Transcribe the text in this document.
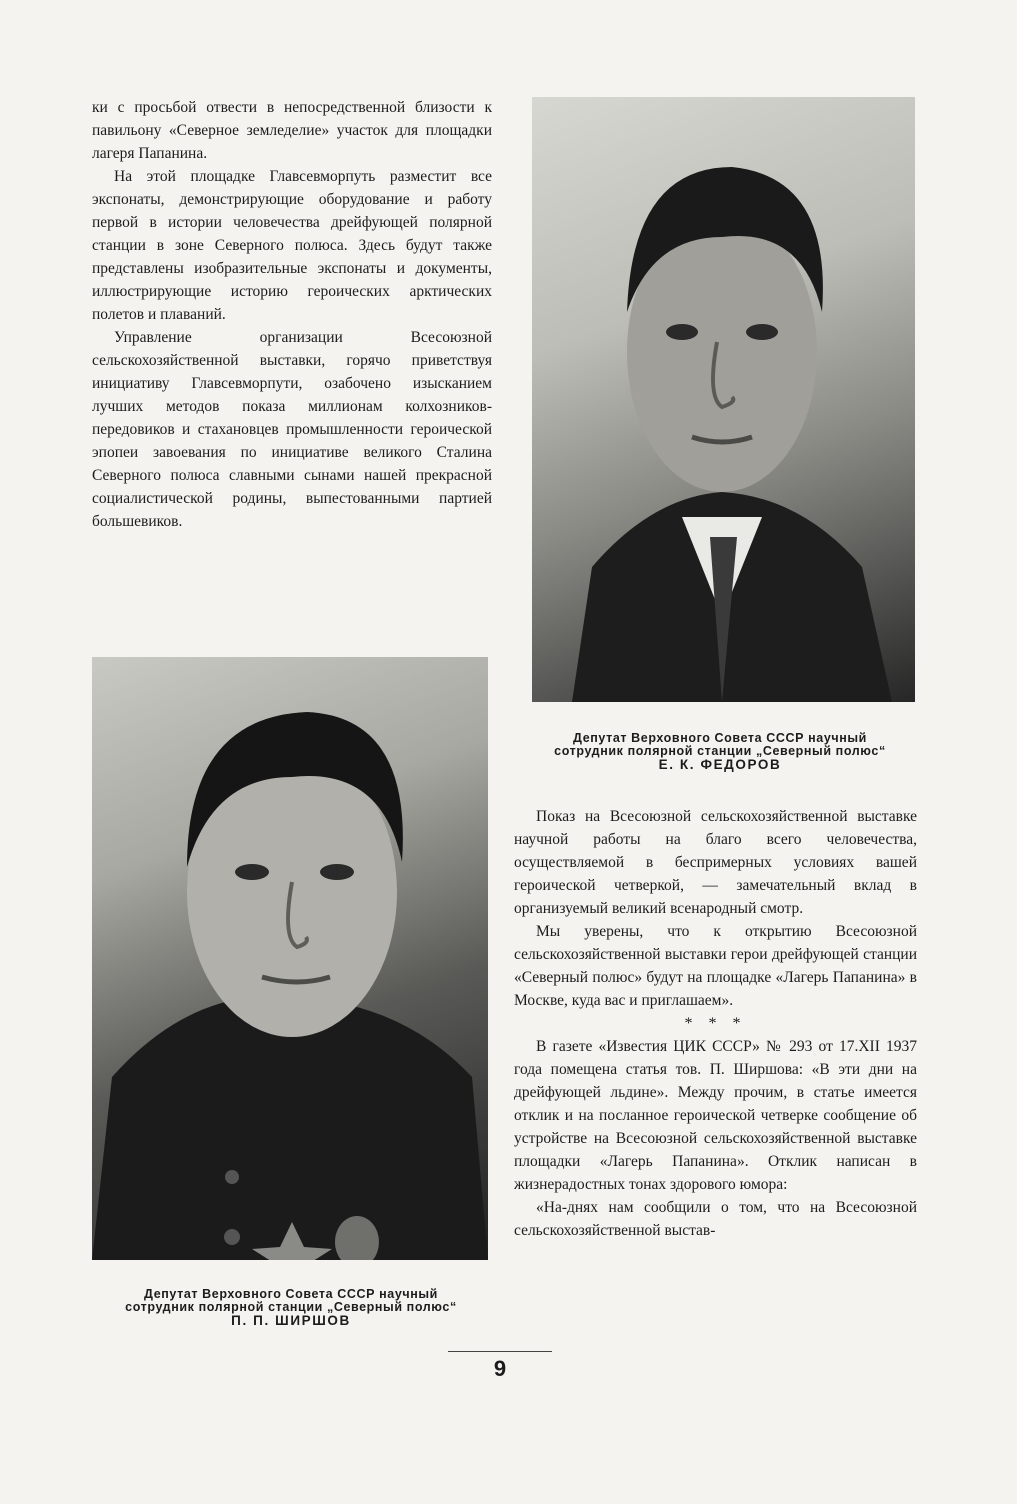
ки с просьбой отвести в непосредственной близости к павильону «Северное земледелие» участок для площадки лагеря Папанина.

На этой площадке Главсевморпуть разместит все экспонаты, демонстрирующие оборудование и работу первой в истории человечества дрейфующей полярной станции в зоне Северного полюса. Здесь будут также представлены изобразительные экспонаты и документы, иллюстрирующие историю героических арктических полетов и плаваний.

Управление организации Всесоюзной сельскохозяйственной выставки, горячо приветствуя инициативу Главсевморпути, озабочено изысканием лучших методов показа миллионам колхозников-передовиков и стахановцев промышленности героической эпопеи завоевания по инициативе великого Сталина Северного полюса славными сынами нашей прекрасной социалистической родины, выпестованными партией большевиков.

Депутат Верховного Совета СССР научный
сотрудник полярной станции „Северный полюс“
Е. К. ФЕДОРОВ
Депутат Верховного Совета СССР научный
сотрудник полярной станции „Северный полюс“
П. П. ШИРШОВ

Показ на Всесоюзной сельскохозяйственной выставке научной работы на благо всего человечества, осуществляемой в беспримерных условиях вашей героической четверкой, — замечательный вклад в организуемый великий всенародный смотр.

Мы уверены, что к открытию Всесоюзной сельскохозяйственной выставки герои дрейфующей станции «Северный полюс» будут на площадке «Лагерь Папанина» в Москве, куда вас и приглашаем».

* * *

В газете «Известия ЦИК СССР» № 293 от 17.XII 1937 года помещена статья тов. П. Ширшова: «В эти дни на дрейфующей льдине». Между прочим, в статье имеется отклик и на посланное героической четверке сообщение об устройстве на Всесоюзной сельскохозяйственной выставке площадки «Лагерь Папанина». Отклик написан в жизнерадостных тонах здорового юмора:

«На-днях нам сообщили о том, что на Всесоюзной сельскохозяйственной выстав-

9
